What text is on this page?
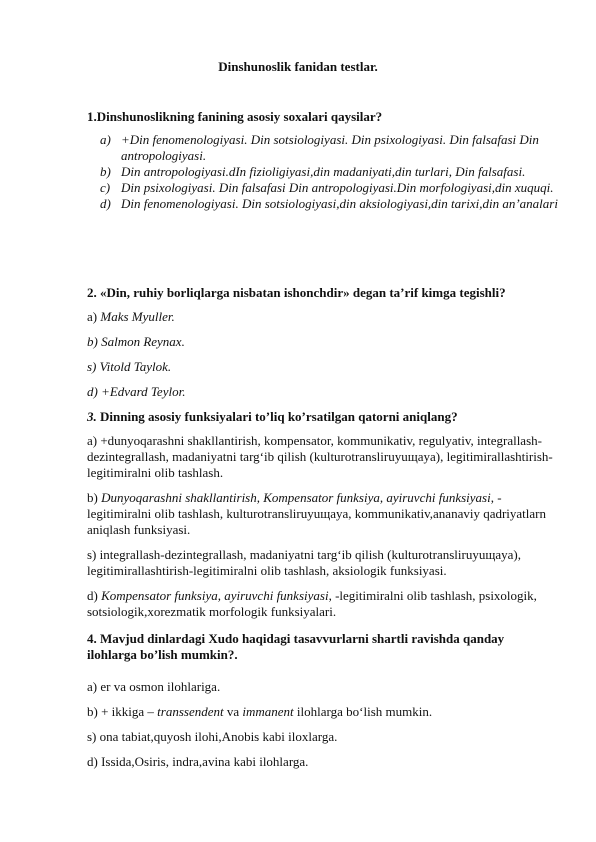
Dinshunoslik fanidan testlar.
1.Dinshunoslikning fanining asosiy soxalari qaysilar?
a) +Din fenomenologiyasi. Din sotsiologiyasi. Din psixologiyasi. Din falsafasi Din antropologiyasi.
b) Din antropologiyasi.dIn fizioligiyasi,din madaniyati,din turlari, Din falsafasi.
c) Din psixologiyasi. Din falsafasi Din antropologiyasi.Din morfologiyasi,din xuquqi.
d) Din fenomenologiyasi. Din sotsiologiyasi,din aksiologiyasi,din tarixi,din an’analari
2. «Din, ruhiy borliqlarga nisbatan ishonchdir» degan ta’rif kimga tegishli?
a) Maks Myuller.
b) Salmon Reynax.
s) Vitold Taylok.
d) +Edvard Teylor.
3. Dinning asosiy funksiyalari to’liq ko’rsatilgan qatorni aniqlang?
a) +dunyoqarashni shakllantirish, kompensator, kommunikativ, regulyativ, integrallash-dezintegrallash, madaniyatni targ‘ib qilish (kulturotransliruyuщaya), legitimirallashtirish-legitimiralni olib tashlash.
b) Dunyoqarashni shakllantirish, Kompensator funksiya, ayiruvchi funksiyasi, -legitimiralni olib tashlash, kulturotransliruyuщaya, kommunikativ,ananaviy qadriyatlarn aniqlash funksiyasi.
s) integrallash-dezintegrallash, madaniyatni targ‘ib qilish (kulturotransliruyuщaya), legitimirallashtirish-legitimiralni olib tashlash, aksiologik funksiyasi.
d) Kompensator funksiya, ayiruvchi funksiyasi, -legitimiralni olib tashlash, psixologik, sotsiologik,xorezmatik morfologik funksiyalari.
4. Mavjud dinlardagi Xudo haqidagi tasavvurlarni shartli ravishda qanday ilohlarga bo’lish mumkin?.
a) er va osmon ilohlariga.
b) + ikkiga – transsendent va immanent ilohlarga bo‘lish mumkin.
s) ona tabiat,quyosh ilohi,Anobis kabi iloxlarga.
d) Issida,Osiris, indra,avina kabi ilohlarga.
